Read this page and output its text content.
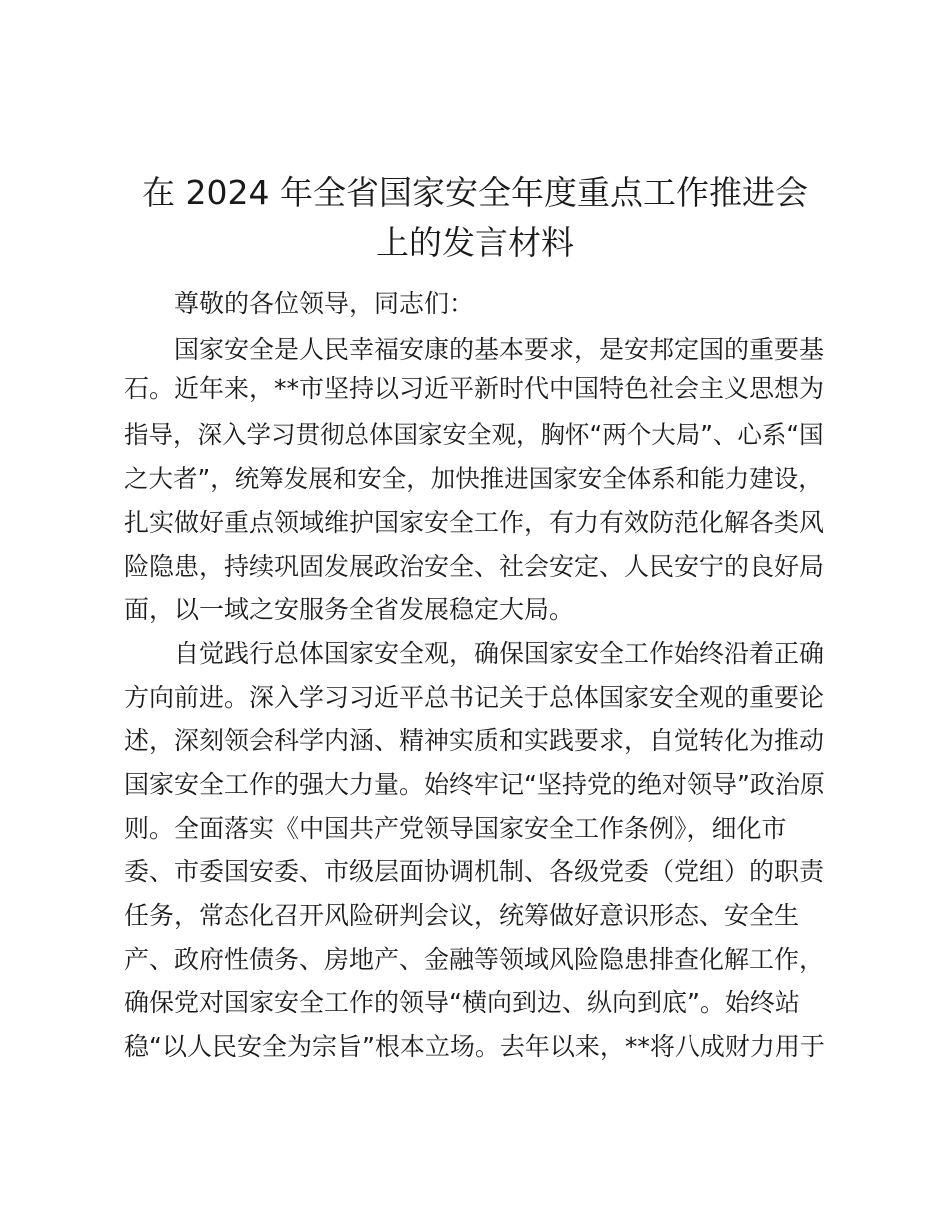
在 2024 年全省国家安全年度重点工作推进会
上的发言材料
尊敬的各位领导，同志们：
国家安全是人民幸福安康的基本要求，是安邦定国的重要基
石。近年来，**市坚持以习近平新时代中国特色社会主义思想为
指导，深入学习贯彻总体国家安全观，胸怀“两个大局”、心系“国
之大者”，统筹发展和安全，加快推进国家安全体系和能力建设，
扎实做好重点领域维护国家安全工作，有力有效防范化解各类风
险隐患，持续巩固发展政治安全、社会安定、人民安宁的良好局
面，以一域之安服务全省发展稳定大局。
自觉践行总体国家安全观，确保国家安全工作始终沿着正确
方向前进。深入学习习近平总书记关于总体国家安全观的重要论
述，深刻领会科学内涵、精神实质和实践要求，自觉转化为推动
国家安全工作的强大力量。始终牢记“坚持党的绝对领导”政治原
则。全面落实《中国共产党领导国家安全工作条例》，细化市
委、市委国安委、市级层面协调机制、各级党委（党组）的职责
任务，常态化召开风险研判会议，统筹做好意识形态、安全生
产、政府性债务、房地产、金融等领域风险隐患排查化解工作，
确保党对国家安全工作的领导“横向到边、纵向到底”。始终站
稳“以人民安全为宗旨”根本立场。去年以来，**将八成财力用于
